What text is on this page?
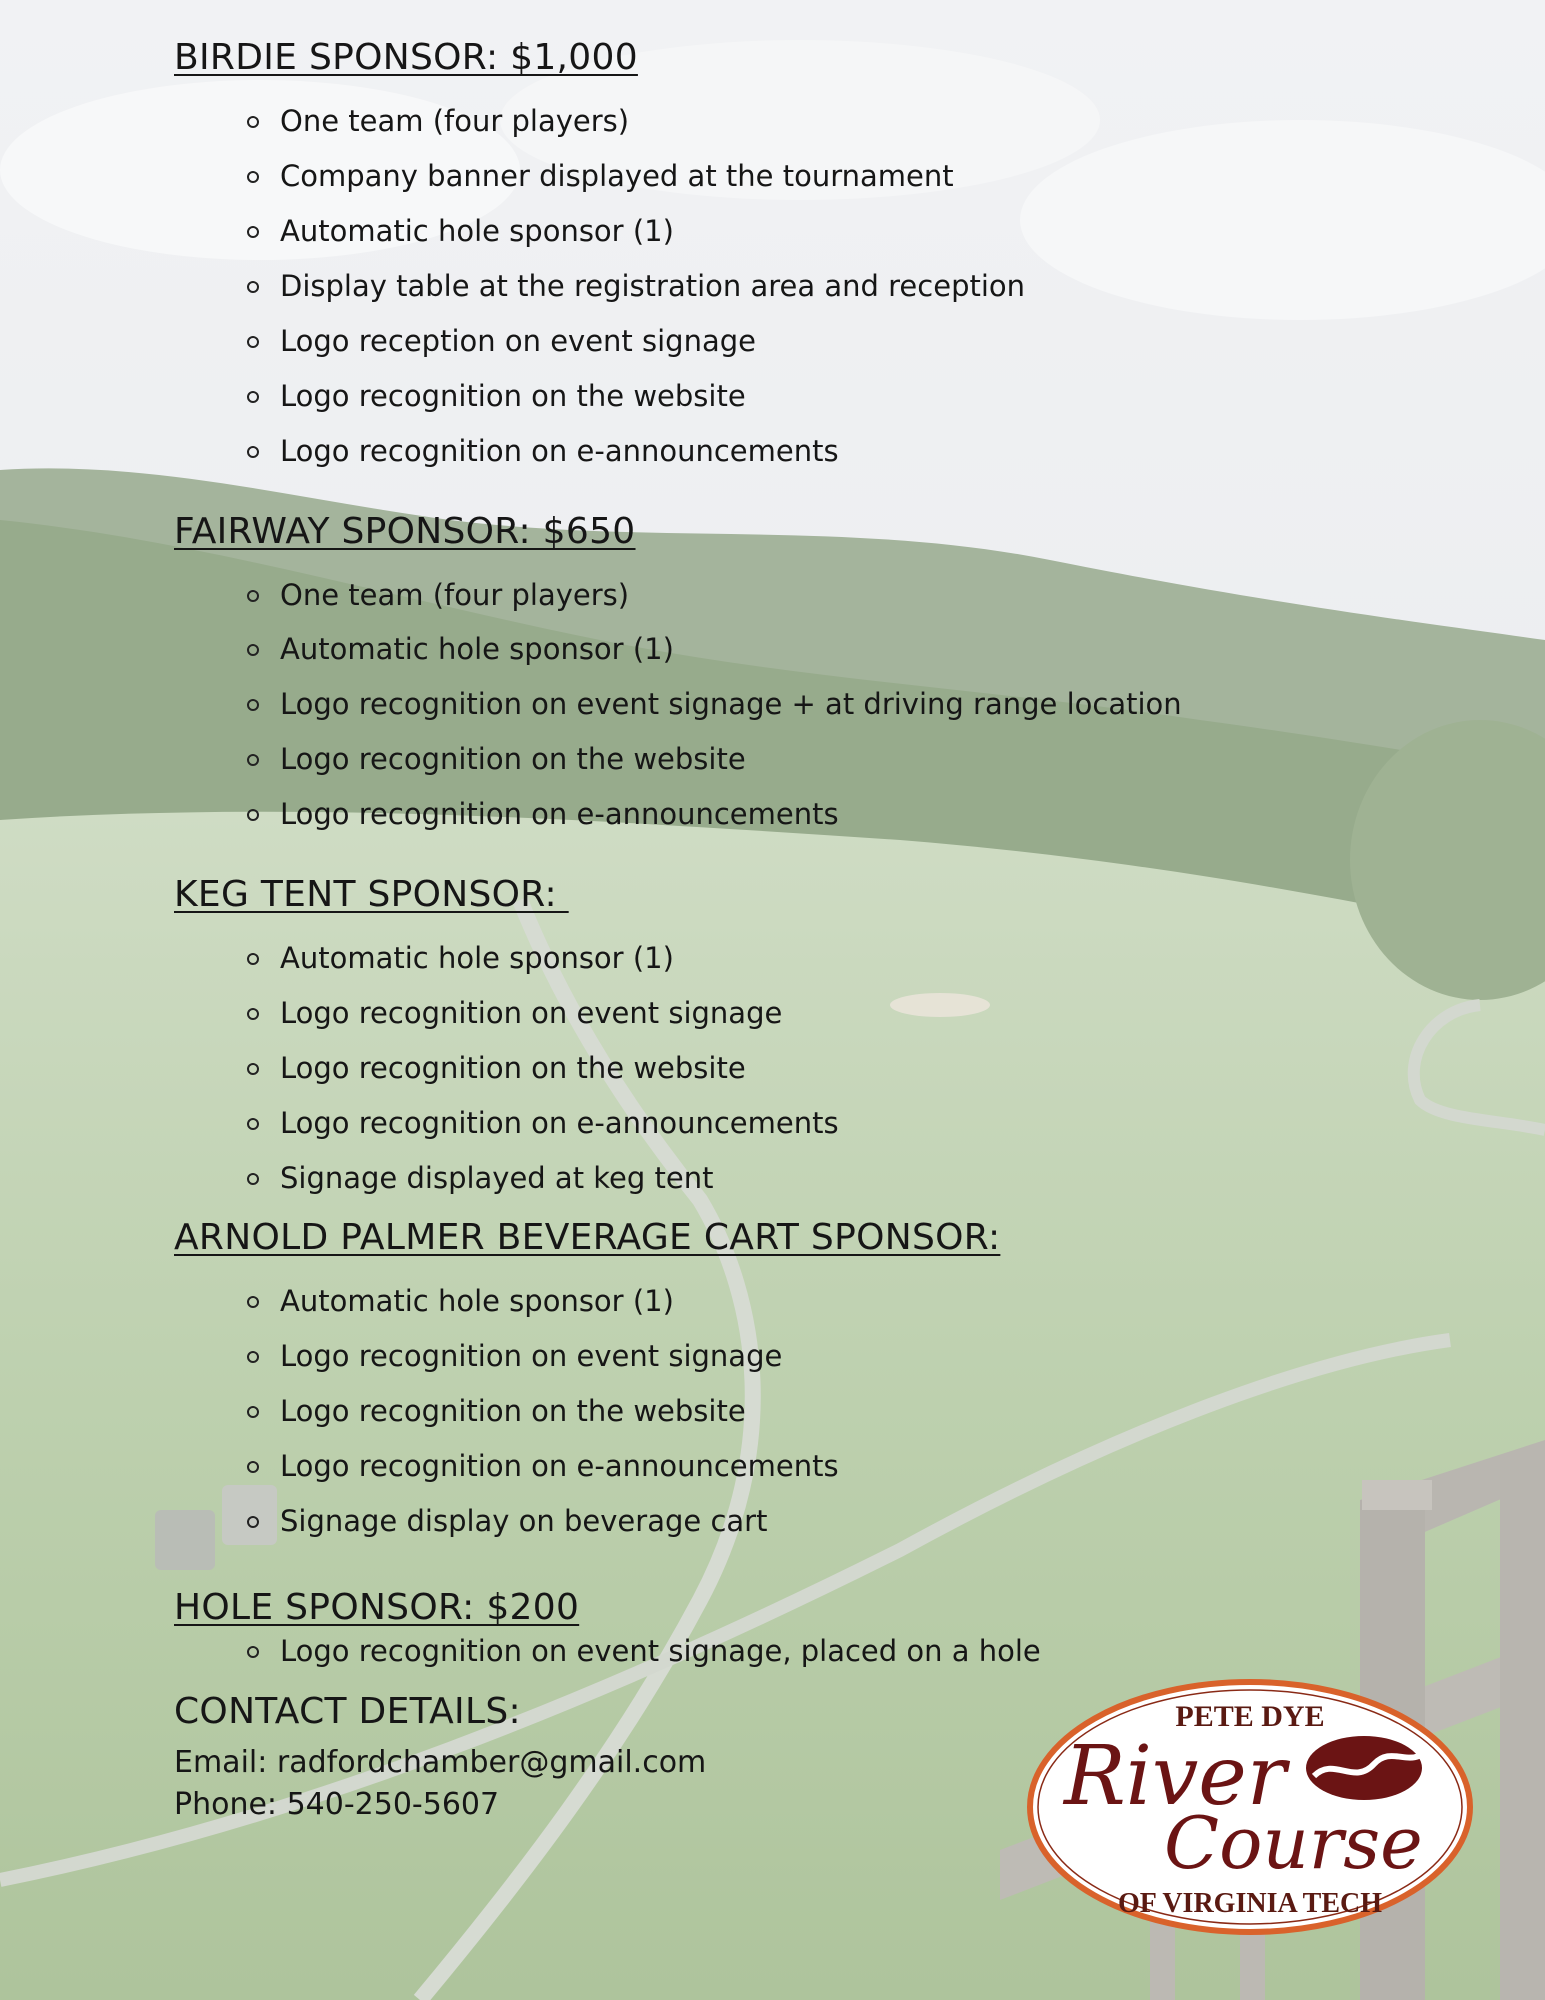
BIRDIE SPONSOR: $1,000
One team (four players)
Company banner displayed at the tournament
Automatic hole sponsor (1)
Display table at the registration area and reception
Logo reception on event signage
Logo recognition on the website
Logo recognition on e-announcements
FAIRWAY SPONSOR: $650
One team (four players)
Automatic hole sponsor (1)
Logo recognition on event signage + at driving range location
Logo recognition on the website
Logo recognition on e-announcements
KEG TENT SPONSOR:
Automatic hole sponsor (1)
Logo recognition on event signage
Logo recognition on the website
Logo recognition on e-announcements
Signage displayed at keg tent
ARNOLD PALMER BEVERAGE CART SPONSOR:
Automatic hole sponsor (1)
Logo recognition on event signage
Logo recognition on the website
Logo recognition on e-announcements
Signage display on beverage cart
HOLE SPONSOR: $200
Logo recognition on event signage, placed on a hole
CONTACT DETAILS:
Email: radfordchamber@gmail.com
Phone: 540-250-5607
PETE DYE
River
Course
OF VIRGINIA TECH
